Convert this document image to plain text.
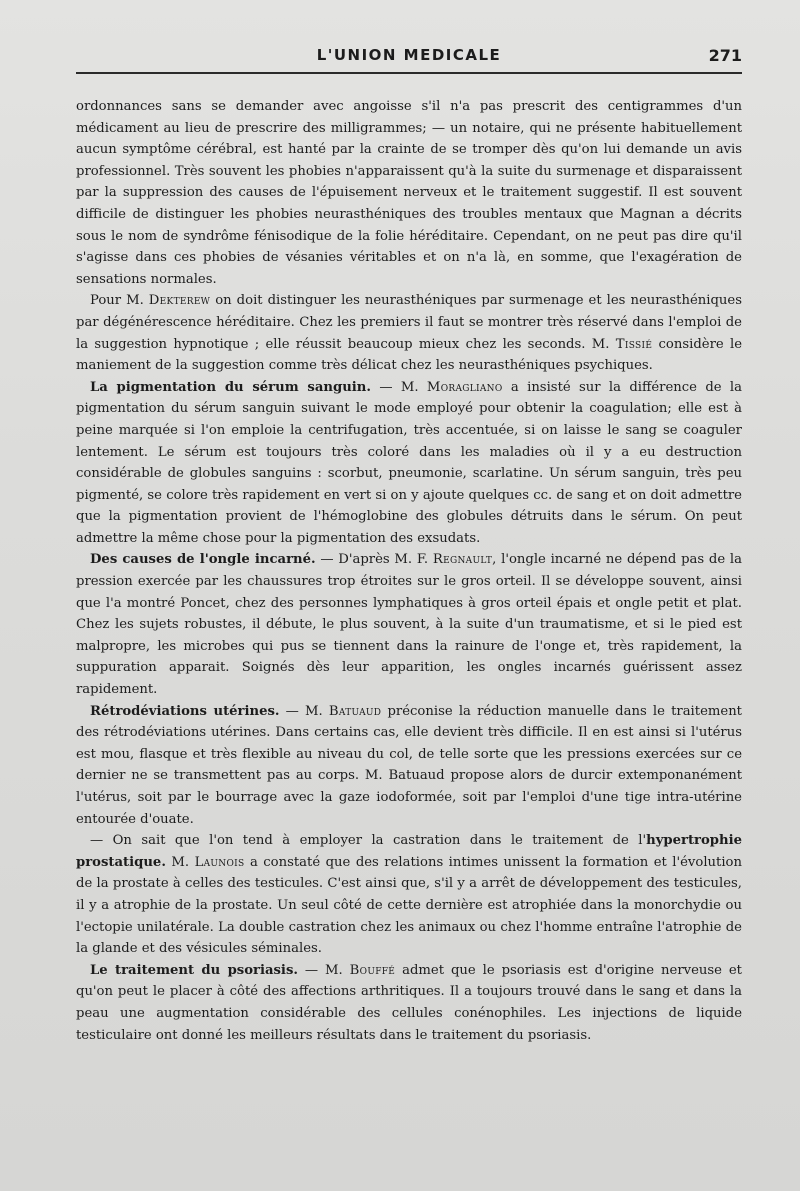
L'UNION MEDICALE	271

ordonnances sans se demander avec angoisse s'il n'a pas prescrit des centigrammes d'un médicament au lieu de prescrire des milligrammes; — un notaire, qui ne présente habituellement aucun symptôme cérébral, est hanté par la crainte de se tromper dès qu'on lui demande un avis professionnel. Très souvent les phobies n'apparaissent qu'à la suite du surmenage et disparaissent par la suppression des causes de l'épuisement nerveux et le traitement suggestif. Il est souvent difficile de distinguer les phobies neurasthéniques des troubles mentaux que Magnan a décrits sous le nom de syndrôme fénisodique de la folie héréditaire. Cependant, on ne peut pas dire qu'il s'agisse dans ces phobies de vésanies véritables et on n'a là, en somme, que l'exagération de sensations normales.

Pour M. Dekterew on doit distinguer les neurasthéniques par surmenage et les neurasthéniques par dégénérescence héréditaire. Chez les premiers il faut se montrer très réservé dans l'emploi de la suggestion hypnotique ; elle réussit beaucoup mieux chez les seconds. M. Tissié considère le maniement de la suggestion comme très délicat chez les neurasthéniques psychiques.

La pigmentation du sérum sanguin. — M. Moragliano a insisté sur la différence de la pigmentation du sérum sanguin suivant le mode employé pour obtenir la coagulation; elle est à peine marquée si l'on emploie la centrifugation, très accentuée, si on laisse le sang se coaguler lentement. Le sérum est toujours très coloré dans les maladies où il y a eu destruction considérable de globules sanguins : scorbut, pneumonie, scarlatine. Un sérum sanguin, très peu pigmenté, se colore très rapidement en vert si on y ajoute quelques cc. de sang et on doit admettre que la pigmentation provient de l'hémoglobine des globules détruits dans le sérum. On peut admettre la même chose pour la pigmentation des exsudats.

Des causes de l'ongle incarné. — D'après M. F. Regnault, l'ongle incarné ne dépend pas de la pression exercée par les chaussures trop étroites sur le gros orteil. Il se développe souvent, ainsi que l'a montré Poncet, chez des personnes lymphatiques à gros orteil épais et ongle petit et plat. Chez les sujets robustes, il débute, le plus souvent, à la suite d'un traumatisme, et si le pied est malpropre, les microbes qui pus se tiennent dans la rainure de l'onge et, très rapidement, la suppuration apparait. Soignés dès leur apparition, les ongles incarnés guérissent assez rapidement.

Rétrodéviations utérines. — M. Batuaud préconise la réduction manuelle dans le traitement des rétrodéviations utérines. Dans certains cas, elle devient très difficile. Il en est ainsi si l'utérus est mou, flasque et très flexible au niveau du col, de telle sorte que les pressions exercées sur ce dernier ne se transmettent pas au corps. M. Batuaud propose alors de durcir extemponanément l'utérus, soit par le bourrage avec la gaze iodoformée, soit par l'emploi d'une tige intra-utérine entourée d'ouate.

— On sait que l'on tend à employer la castration dans le traitement de l'hypertrophie prostatique. M. Launois a constaté que des relations intimes unissent la formation et l'évolution de la prostate à celles des testicules. C'est ainsi que, s'il y a arrêt de développement des testicules, il y a atrophie de la prostate. Un seul côté de cette dernière est atrophiée dans la monorchydie ou l'ectopie unilatérale. La double castration chez les animaux ou chez l'homme entraîne l'atrophie de la glande et des vésicules séminales.

Le traitement du psoriasis. — M. Bouffé admet que le psoriasis est d'origine nerveuse et qu'on peut le placer à côté des affections arthritiques. Il a toujours trouvé dans le sang et dans la peau une augmentation considérable des cellules conénophiles. Les injections de liquide testiculaire ont donné les meilleurs résultats dans le traitement du psoriasis.
